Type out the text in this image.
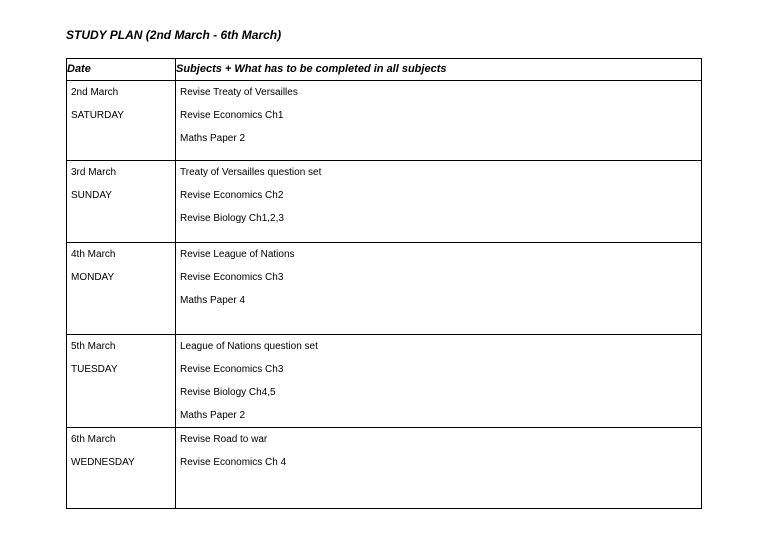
STUDY PLAN (2nd March - 6th March)
Date	Subjects + What has to be completed in all subjects

2nd March
SATURDAY	Revise Treaty of Versailles
Revise Economics Ch1
Maths Paper 2

3rd March
SUNDAY	Treaty of Versailles question set
Revise Economics Ch2
Revise Biology Ch1,2,3

4th March
MONDAY	Revise League of Nations
Revise Economics Ch3
Maths Paper 4

5th March
TUESDAY	League of Nations question set
Revise Economics Ch3
Revise Biology Ch4,5
Maths Paper 2

6th March
WEDNESDAY	Revise Road to war
Revise Economics Ch 4
